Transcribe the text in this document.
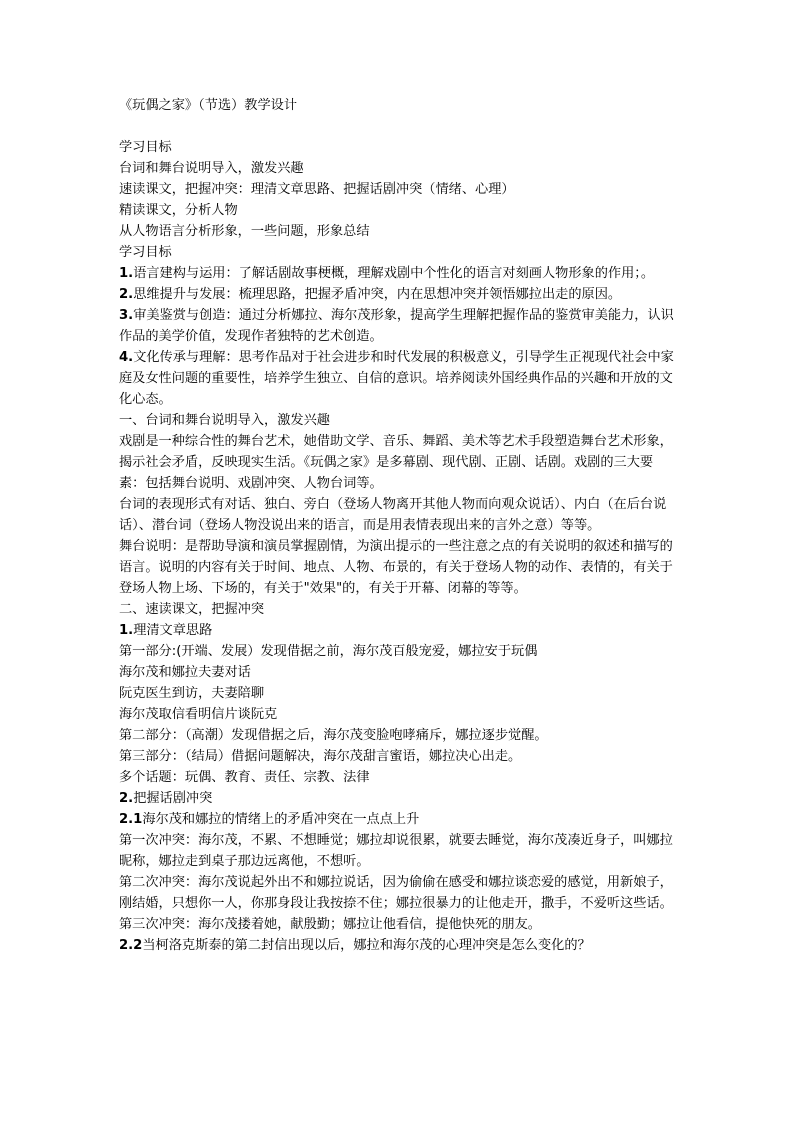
《玩偶之家》（节选）教学设计

学习目标

台词和舞台说明导入，激发兴趣

速读课文，把握冲突：理清文章思路、把握话剧冲突（情绪、心理）

精读课文，分析人物

从人物语言分析形象，一些问题，形象总结

学习目标

1.语言建构与运用：了解话剧故事梗概，理解戏剧中个性化的语言对刻画人物形象的作用；。

2.思维提升与发展：梳理思路，把握矛盾冲突，内在思想冲突并领悟娜拉出走的原因。

3.审美鉴赏与创造：通过分析娜拉、海尔茂形象，提高学生理解把握作品的鉴赏审美能力，认识作品的美学价值，发现作者独特的艺术创造。

4.文化传承与理解：思考作品对于社会进步和时代发展的积极意义，引导学生正视现代社会中家庭及女性问题的重要性，培养学生独立、自信的意识。培养阅读外国经典作品的兴趣和开放的文化心态。

一、台词和舞台说明导入，激发兴趣

戏剧是一种综合性的舞台艺术，她借助文学、音乐、舞蹈、美术等艺术手段塑造舞台艺术形象，揭示社会矛盾，反映现实生活。《玩偶之家》是多幕剧、现代剧、正剧、话剧。戏剧的三大要素：包括舞台说明、戏剧冲突、人物台词等。

台词的表现形式有对话、独白、旁白（登场人物离开其他人物而向观众说话）、内白（在后台说话）、潜台词（登场人物没说出来的语言，而是用表情表现出来的言外之意）等等。

舞台说明：是帮助导演和演员掌握剧情，为演出提示的一些注意之点的有关说明的叙述和描写的语言。说明的内容有关于时间、地点、人物、布景的，有关于登场人物的动作、表情的，有关于登场人物上场、下场的，有关于"效果"的，有关于开幕、闭幕的等等。

二、速读课文，把握冲突

1.理清文章思路

第一部分:(开端、发展）发现借据之前，海尔茂百般宠爱，娜拉安于玩偶

海尔茂和娜拉夫妻对话

阮克医生到访，夫妻陪聊

海尔茂取信看明信片谈阮克

第二部分：（高潮）发现借据之后，海尔茂变脸咆哮痛斥，娜拉逐步觉醒。

第三部分：（结局）借据问题解决，海尔茂甜言蜜语，娜拉决心出走。

多个话题：玩偶、教育、责任、宗教、法律

2.把握话剧冲突

2.1海尔茂和娜拉的情绪上的矛盾冲突在一点点上升

第一次冲突：海尔茂，不累、不想睡觉；娜拉却说很累，就要去睡觉，海尔茂凑近身子，叫娜拉昵称，娜拉走到桌子那边远离他，不想听。

第二次冲突：海尔茂说起外出不和娜拉说话，因为偷偷在感受和娜拉谈恋爱的感觉，用新娘子，刚结婚，只想你一人，你那身段让我按捺不住；娜拉很暴力的让他走开，撒手，不爱听这些话。

第三次冲突：海尔茂搂着她，献殷勤；娜拉让他看信，提他快死的朋友。

2.2当柯洛克斯泰的第二封信出现以后，娜拉和海尔茂的心理冲突是怎么变化的？
